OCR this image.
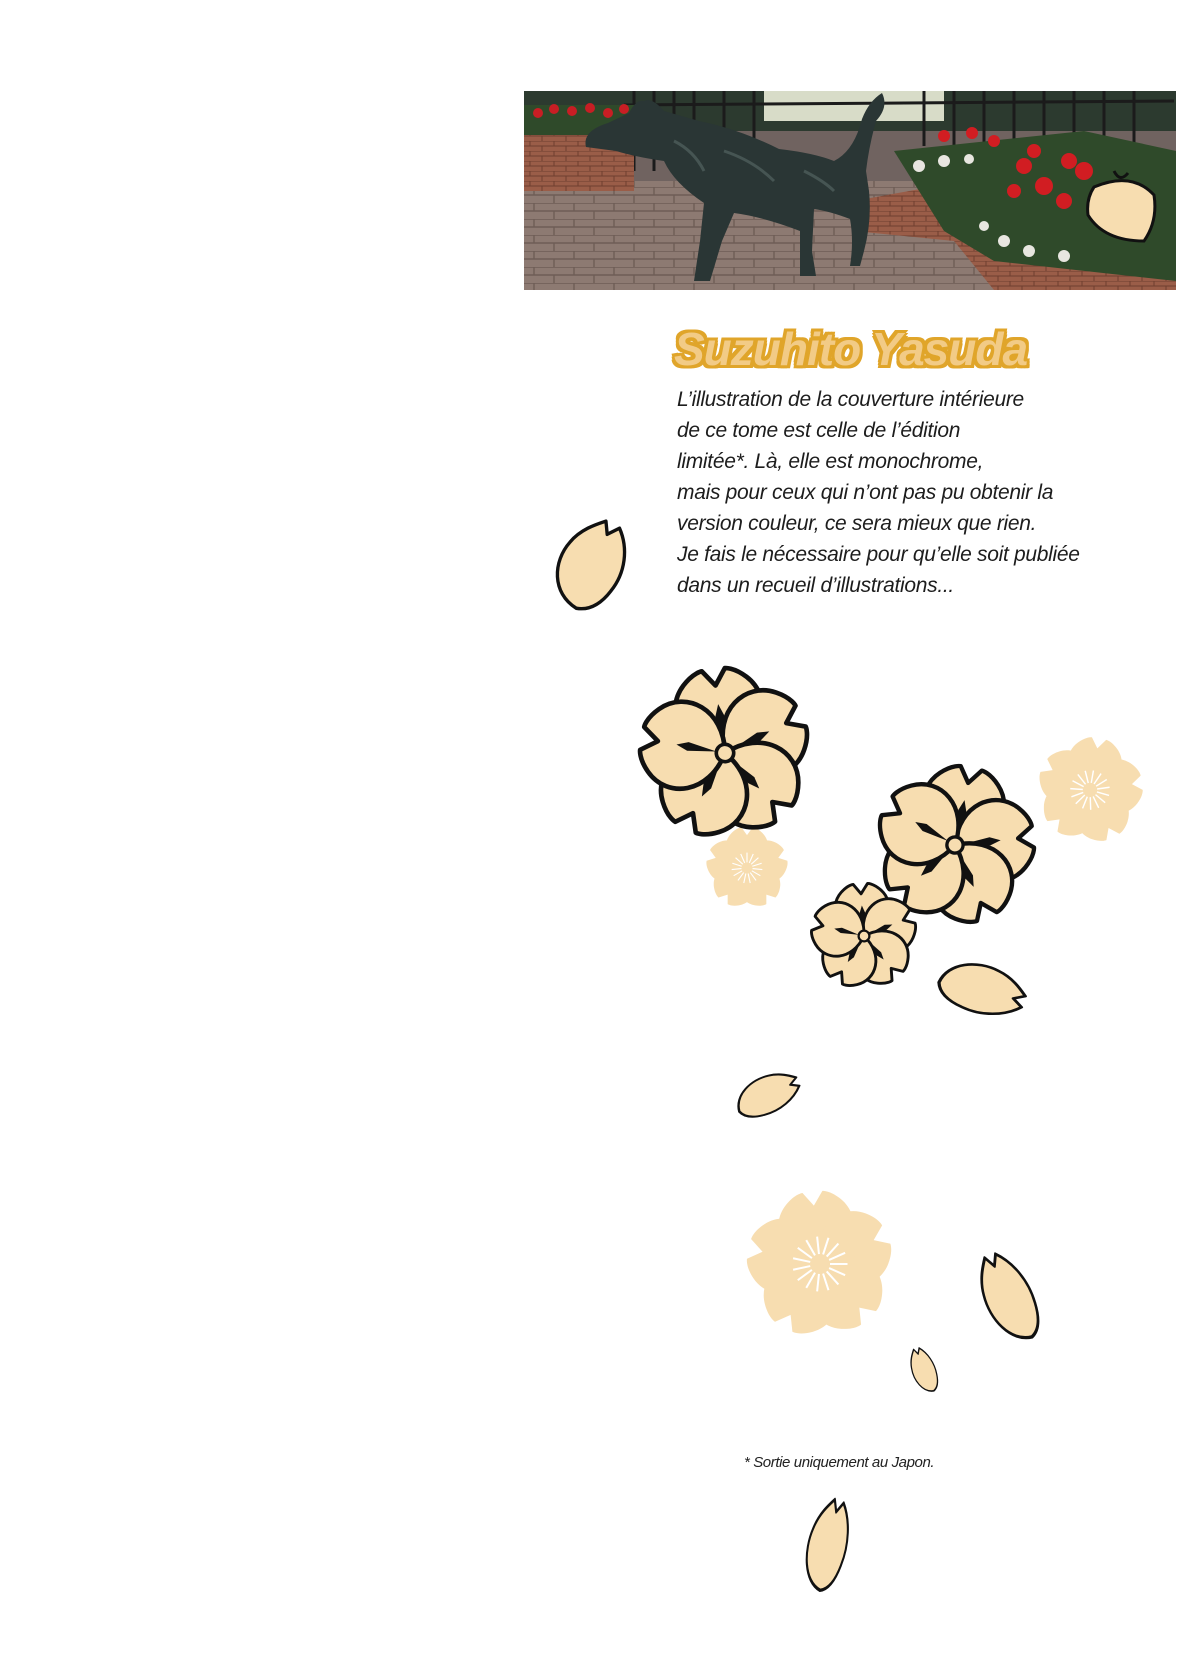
Suzuhito Yasuda

L’illustration de la couverture intérieure
de ce tome est celle de l’édition
limitée*. Là, elle est monochrome,
mais pour ceux qui n’ont pas pu obtenir la
version couleur, ce sera mieux que rien.
Je fais le nécessaire pour qu’elle soit publiée
dans un recueil d’illustrations...

* Sortie uniquement au Japon.
